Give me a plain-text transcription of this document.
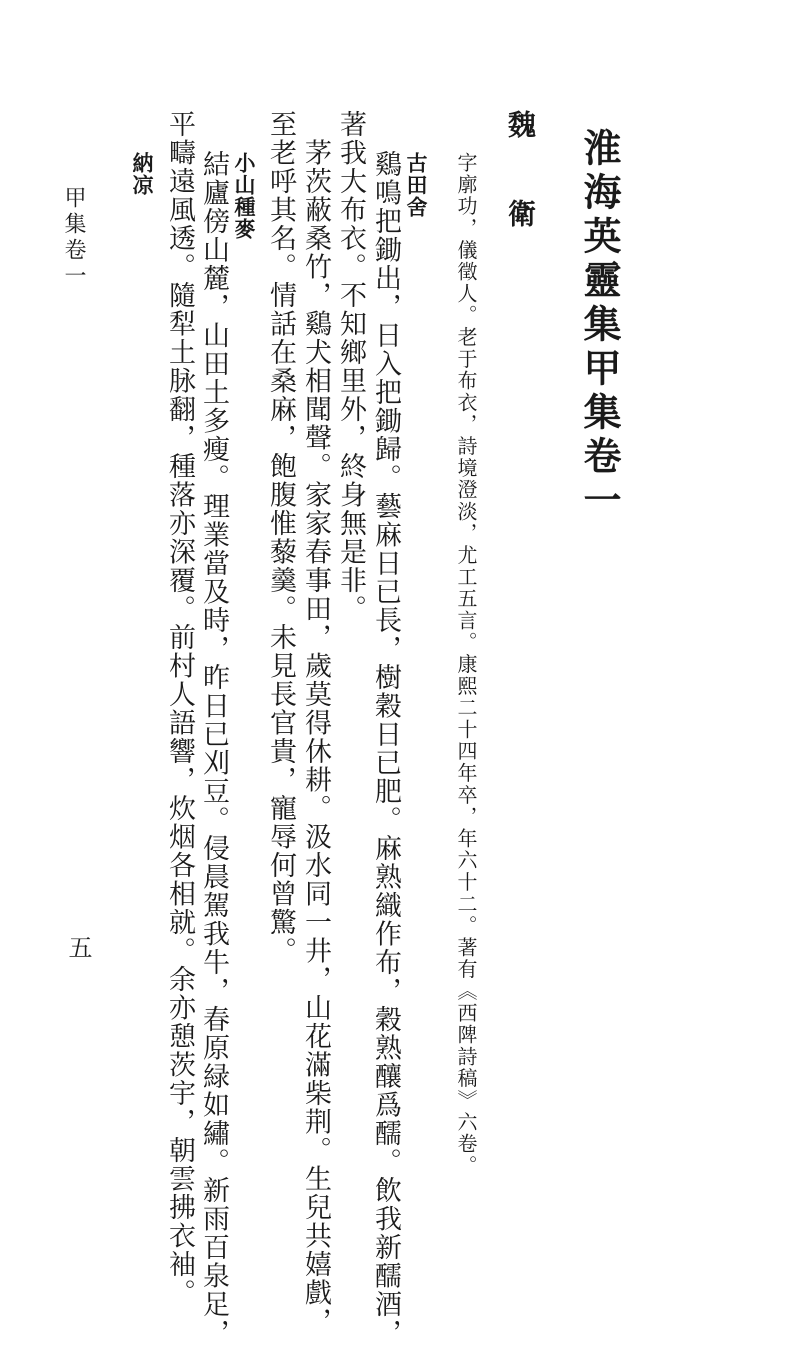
淮海英靈集甲集卷一
魏 衛
字廓功，儀徵人。老于布衣，詩境澄淡，尤工五言。康熙二十四年卒，年六十二。著有《西陴詩稿》六卷。
古田舍
鷄鳴把鋤出，日入把鋤歸。藝麻日已長，樹穀日已肥。麻熟織作布，穀熟釀爲醹。飲我新醹酒，
著我大布衣。不知鄉里外，終身無是非。
　茅茨蔽桑竹，鷄犬相聞聲。家家春事田，歲莫得休耕。汲水同一井，山花滿柴荆。生兒共嬉戲，
至老呼其名。情話在桑麻，飽腹惟藜羹。未見長官貴，寵辱何曾驚。
小山種麥
結廬傍山麓，山田土多瘦。理業當及時，昨日已刈豆。侵晨駕我牛，春原緑如繡。新雨百泉足，
平疇遠風透。隨犁土脉翻，種落亦深覆。前村人語響，炊烟各相就。余亦憩茨宇，朝雲拂衣袖。
納凉
甲集卷一
五
